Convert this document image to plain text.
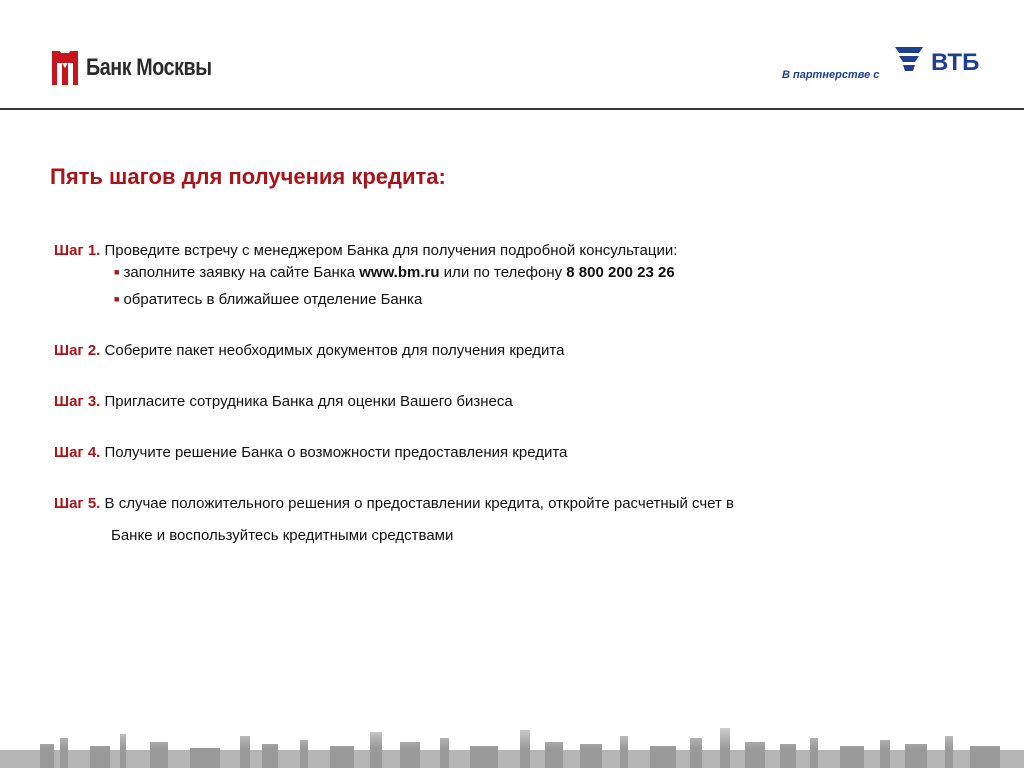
Банк Москвы	В партнерстве с ВТБ
Пять шагов для получения кредита:
Шаг 1. Проведите встречу с менеджером Банка для получения подробной консультации:
■ заполните заявку на сайте Банка www.bm.ru или по телефону 8 800 200 23 26
■ обратитесь в ближайшее отделение Банка
Шаг 2. Соберите пакет необходимых документов для получения кредита
Шаг 3. Пригласите сотрудника Банка для оценки Вашего бизнеса
Шаг 4. Получите решение Банка о возможности предоставления кредита
Шаг 5. В случае положительного решения о предоставлении кредита, откройте расчетный счет в
Банке и воспользуйтесь кредитными средствами
